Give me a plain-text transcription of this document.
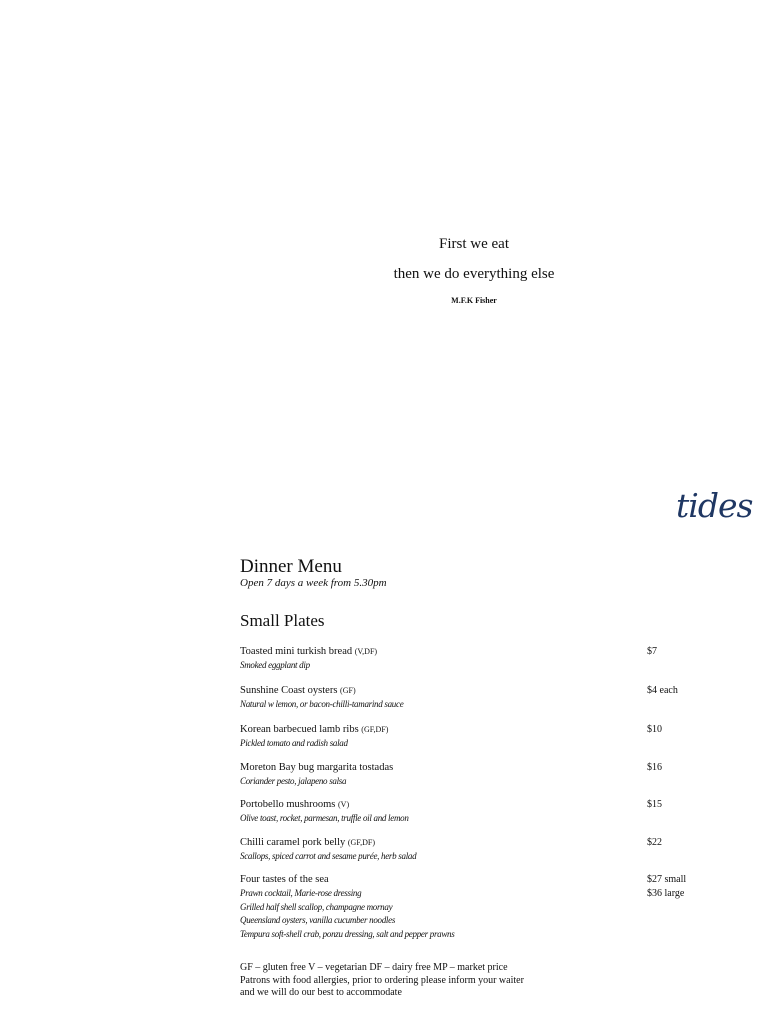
First we eat
then we do everything else
M.F.K Fisher
tides
Dinner Menu
Open 7 days a week from 5.30pm
Small Plates
Toasted mini turkish bread (V,DF)
Smoked eggplant dip
$7
Sunshine Coast oysters (GF)
Natural w lemon, or bacon-chilli-tamarind sauce
$4 each
Korean barbecued lamb ribs (GF,DF)
Pickled tomato and radish salad
$10
Moreton Bay bug margarita tostadas
Coriander pesto, jalapeno salsa
$16
Portobello mushrooms (V)
Olive toast, rocket, parmesan, truffle oil and lemon
$15
Chilli caramel pork belly (GF,DF)
Scallops, spiced carrot and sesame purée, herb salad
$22
Four tastes of the sea
Prawn cocktail, Marie-rose dressing
Grilled half shell scallop, champagne mornay
Queensland oysters, vanilla cucumber noodles
Tempura soft-shell crab, ponzu dressing, salt and pepper prawns
$27 small
$36 large
GF – gluten free V – vegetarian DF – dairy free MP – market price
Patrons with food allergies, prior to ordering please inform your waiter
and we will do our best to accommodate
